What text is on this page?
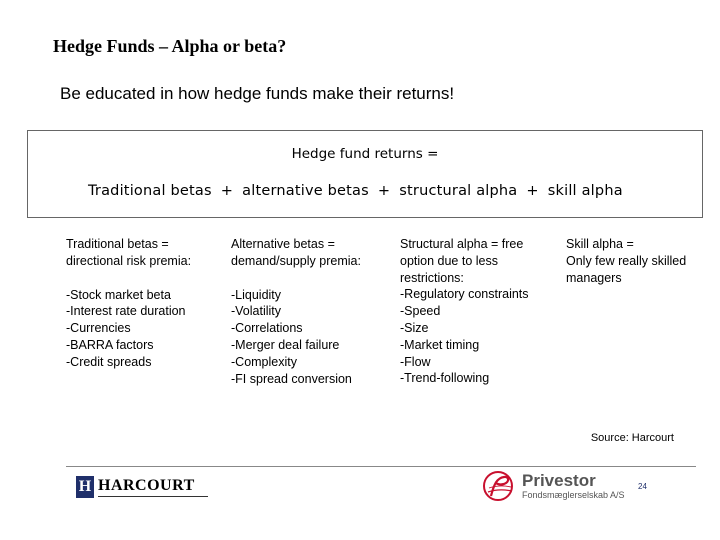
Hedge Funds – Alpha or beta?
Be educated in how hedge funds make their returns!
Hedge fund returns =
Traditional betas + alternative betas + structural alpha + skill alpha
Traditional betas =
directional risk premia:
-Stock market beta
-Interest rate duration
-Currencies
-BARRA factors
-Credit spreads
Alternative betas =
demand/supply premia:
-Liquidity
-Volatility
-Correlations
-Merger deal failure
-Complexity
-FI spread conversion
Structural alpha = free
option due to less
restrictions:
-Regulatory constraints
-Speed
-Size
-Market timing
-Flow
-Trend-following
Skill alpha =
Only few really skilled
managers
Source: Harcourt
H HARCOURT	Privestor
Fondsmæglerselskab A/S
24
